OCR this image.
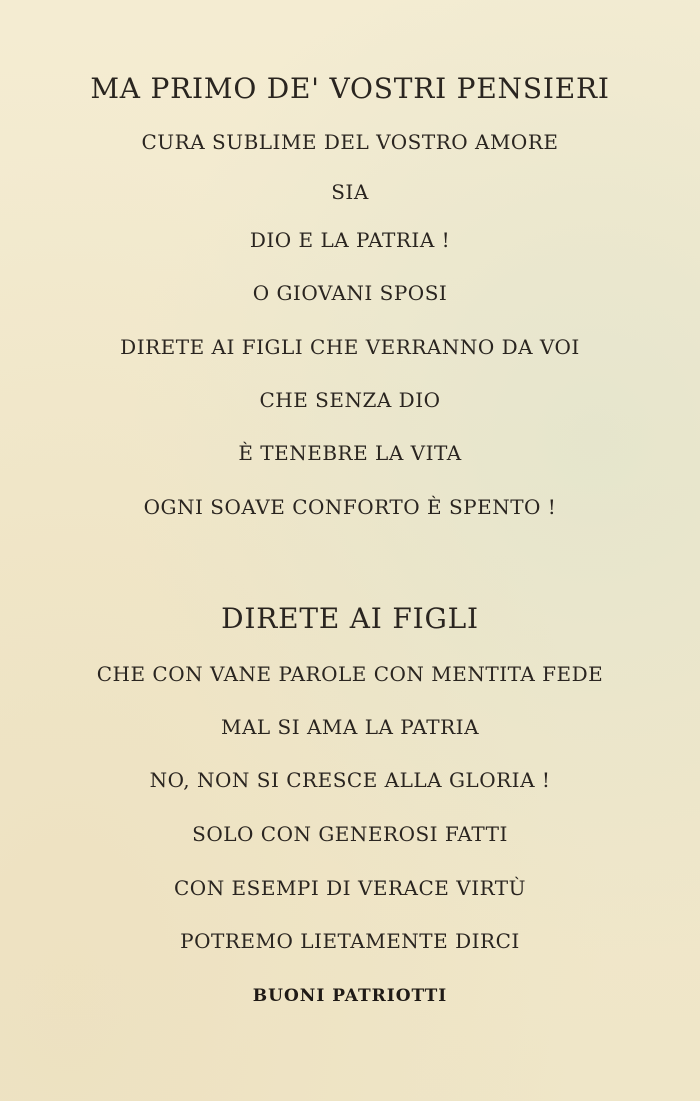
MA PRIMO DE' VOSTRI PENSIERI
CURA SUBLIME DEL VOSTRO AMORE
SIA
DIO E LA PATRIA !
O GIOVANI SPOSI
DIRETE AI FIGLI CHE VERRANNO DA VOI
CHE SENZA DIO
È TENEBRE LA VITA
OGNI SOAVE CONFORTO È SPENTO !
DIRETE AI FIGLI
CHE CON VANE PAROLE CON MENTITA FEDE
MAL SI AMA LA PATRIA
NO, NON SI CRESCE ALLA GLORIA !
SOLO CON GENEROSI FATTI
CON ESEMPI DI VERACE VIRTÙ
POTREMO LIETAMENTE DIRCI
BUONI PATRIOTTI
